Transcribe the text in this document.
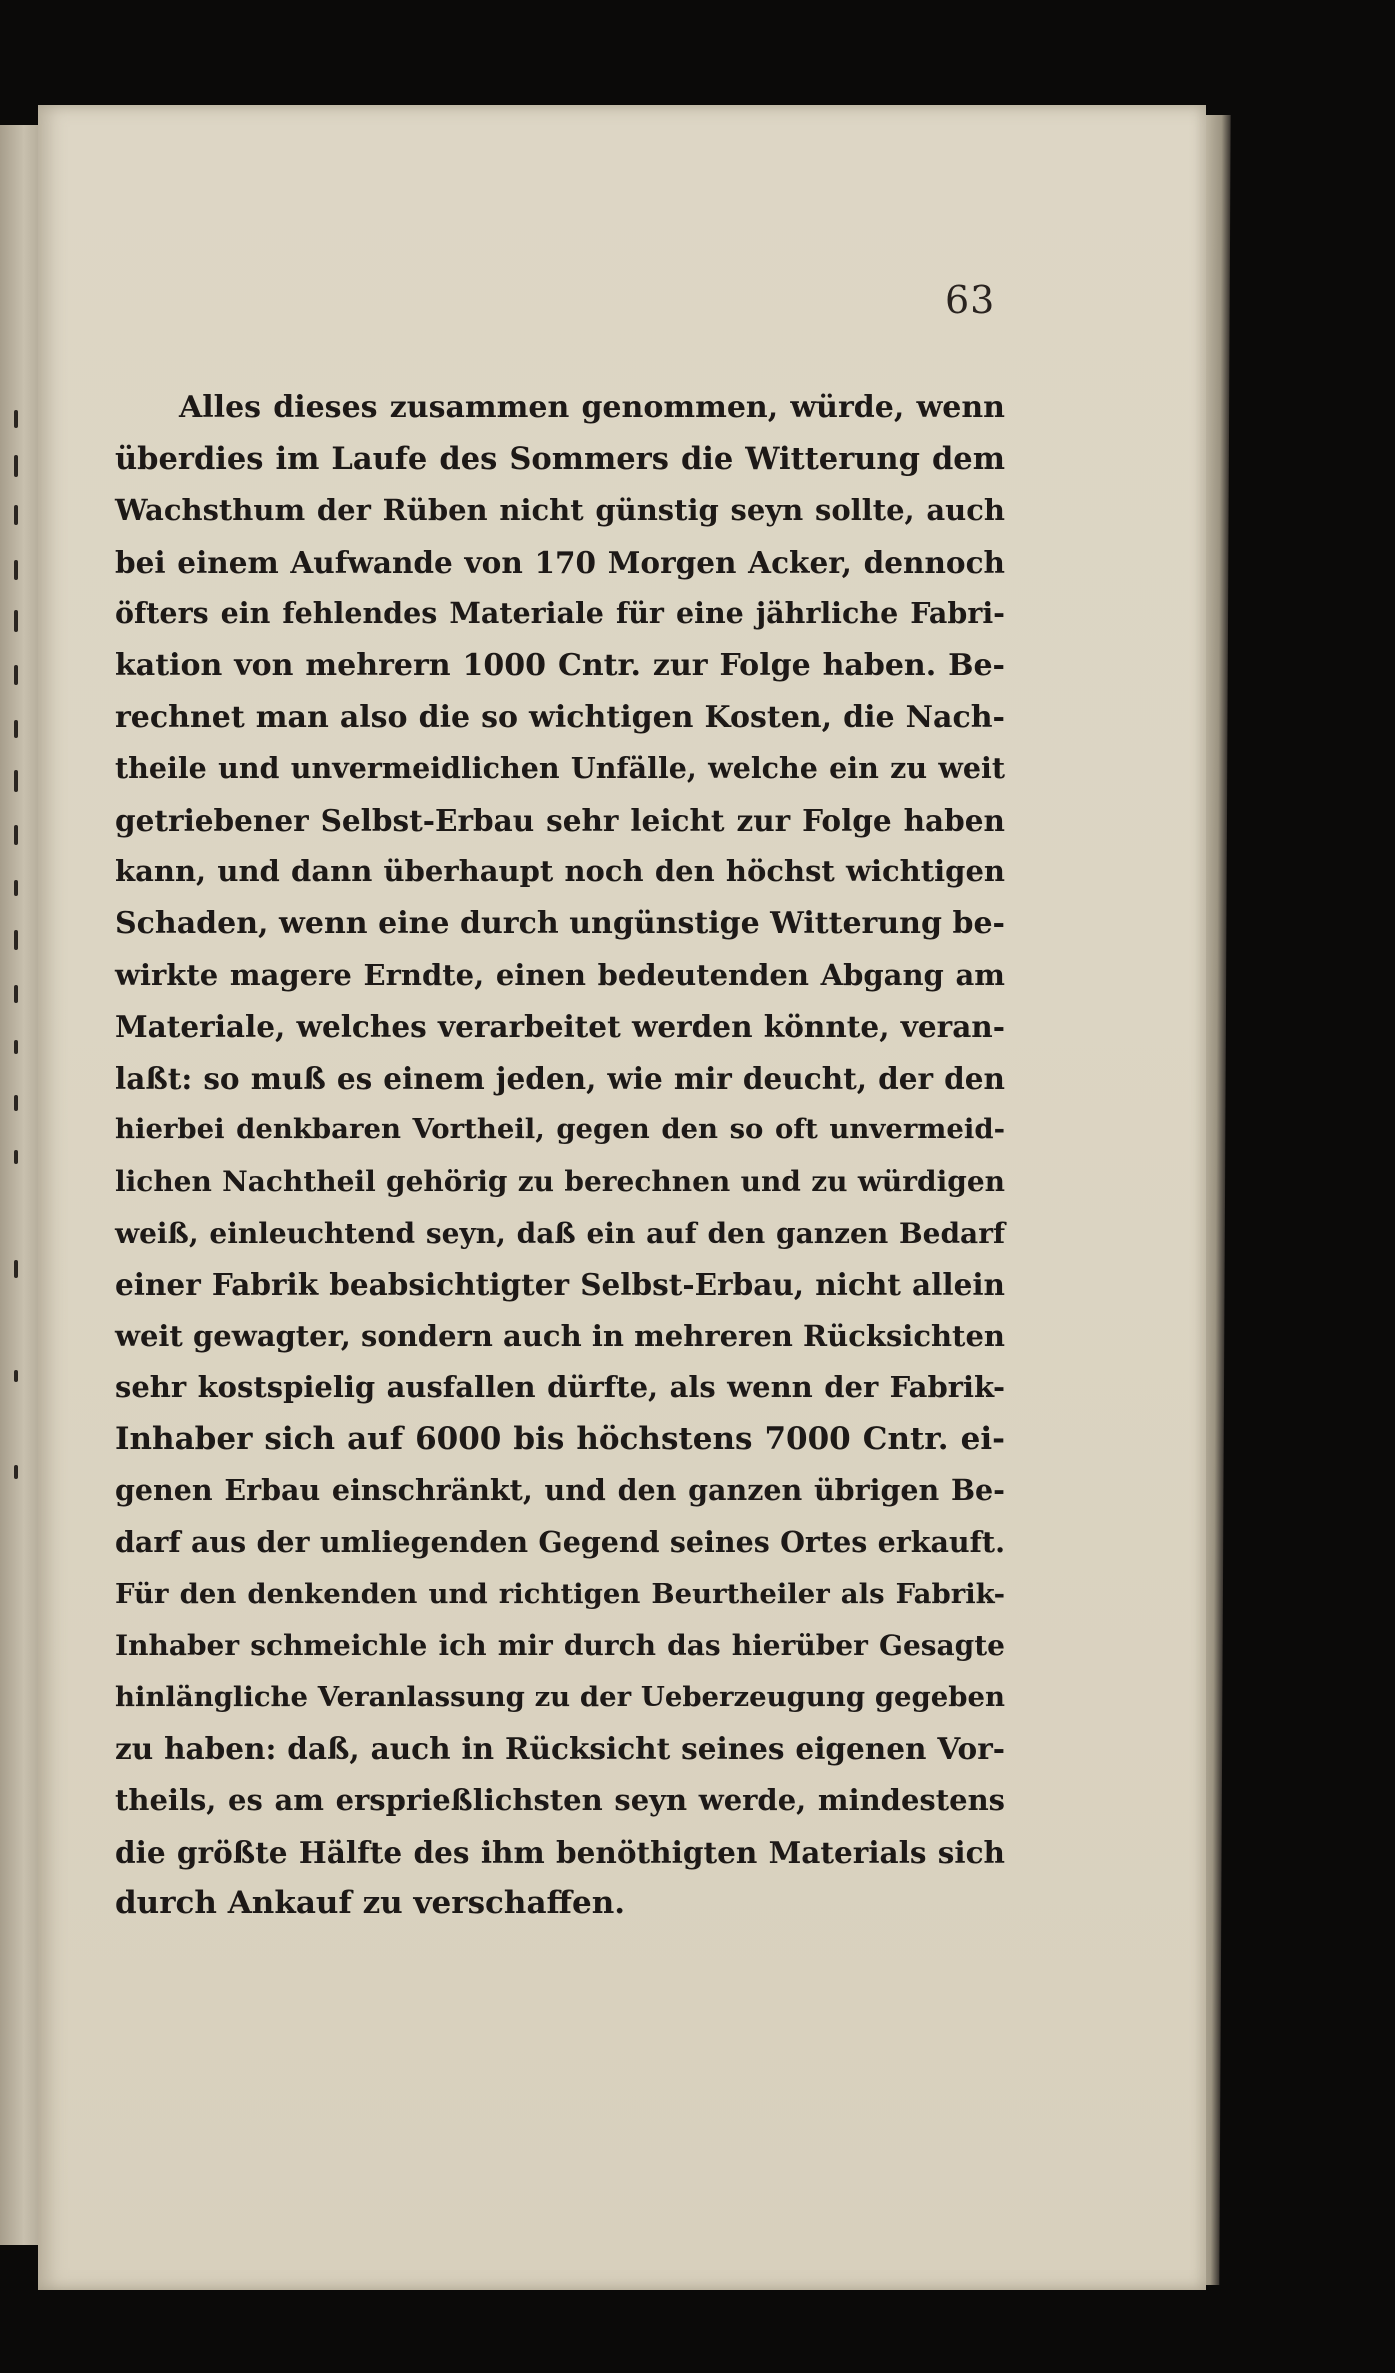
63
Alles dieses zusammen genommen, würde, wenn
überdies im Laufe des Sommers die Witterung dem
Wachsthum der Rüben nicht günstig seyn sollte, auch
bei einem Aufwande von 170 Morgen Acker, dennoch
öfters ein fehlendes Materiale für eine jährliche Fabri-
kation von mehrern 1000 Cntr. zur Folge haben. Be-
rechnet man also die so wichtigen Kosten, die Nach-
theile und unvermeidlichen Unfälle, welche ein zu weit
getriebener Selbst-Erbau sehr leicht zur Folge haben
kann, und dann überhaupt noch den höchst wichtigen
Schaden, wenn eine durch ungünstige Witterung be-
wirkte magere Erndte, einen bedeutenden Abgang am
Materiale, welches verarbeitet werden könnte, veran-
laßt: so muß es einem jeden, wie mir deucht, der den
hierbei denkbaren Vortheil, gegen den so oft unvermeid-
lichen Nachtheil gehörig zu berechnen und zu würdigen
weiß, einleuchtend seyn, daß ein auf den ganzen Bedarf
einer Fabrik beabsichtigter Selbst-Erbau, nicht allein
weit gewagter, sondern auch in mehreren Rücksichten
sehr kostspielig ausfallen dürfte, als wenn der Fabrik-
Inhaber sich auf 6000 bis höchstens 7000 Cntr. ei-
genen Erbau einschränkt, und den ganzen übrigen Be-
darf aus der umliegenden Gegend seines Ortes erkauft.
Für den denkenden und richtigen Beurtheiler als Fabrik-
Inhaber schmeichle ich mir durch das hierüber Gesagte
hinlängliche Veranlassung zu der Ueberzeugung gegeben
zu haben: daß, auch in Rücksicht seines eigenen Vor-
theils, es am ersprießlichsten seyn werde, mindestens
die größte Hälfte des ihm benöthigten Materials sich
durch Ankauf zu verschaffen.
